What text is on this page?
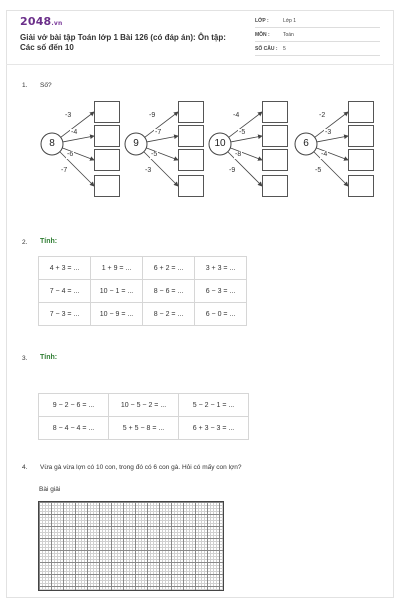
2048.vn
Giải vở bài tập Toán lớp 1 Bài 126 (có đáp án): Ôn tập: Các số đến 10
LỚP :	Lớp 1
MÔN :	Toán
SỐ CÂU : 5
1. Số?
8
-3
-4
-6
-7
9
-9
-7
-5
-3
10
-4
-5
-8
-9
6
-2
-3
-4
-5
2. Tính:
4 + 3 = ...	1 + 9 = ...	6 + 2 = ...	3 + 3 = ...
7 − 4 = ...	10 − 1 = ...	8 − 6 = ...	6 − 3 = ...
7 − 3 = ...	10 − 9 = ...	8 − 2 = ...	6 − 0 = ...
3. Tính:
9 − 2 − 6 = ...	10 − 5 − 2 = ...	5 − 2 − 1 = ...
8 − 4 − 4 = ...	5 + 5 − 8 = ...	6 + 3 − 3 = ...
4. Vừa gà vừa lợn có 10 con, trong đó có 6 con gà. Hỏi có mấy con lợn?
Bài giải
